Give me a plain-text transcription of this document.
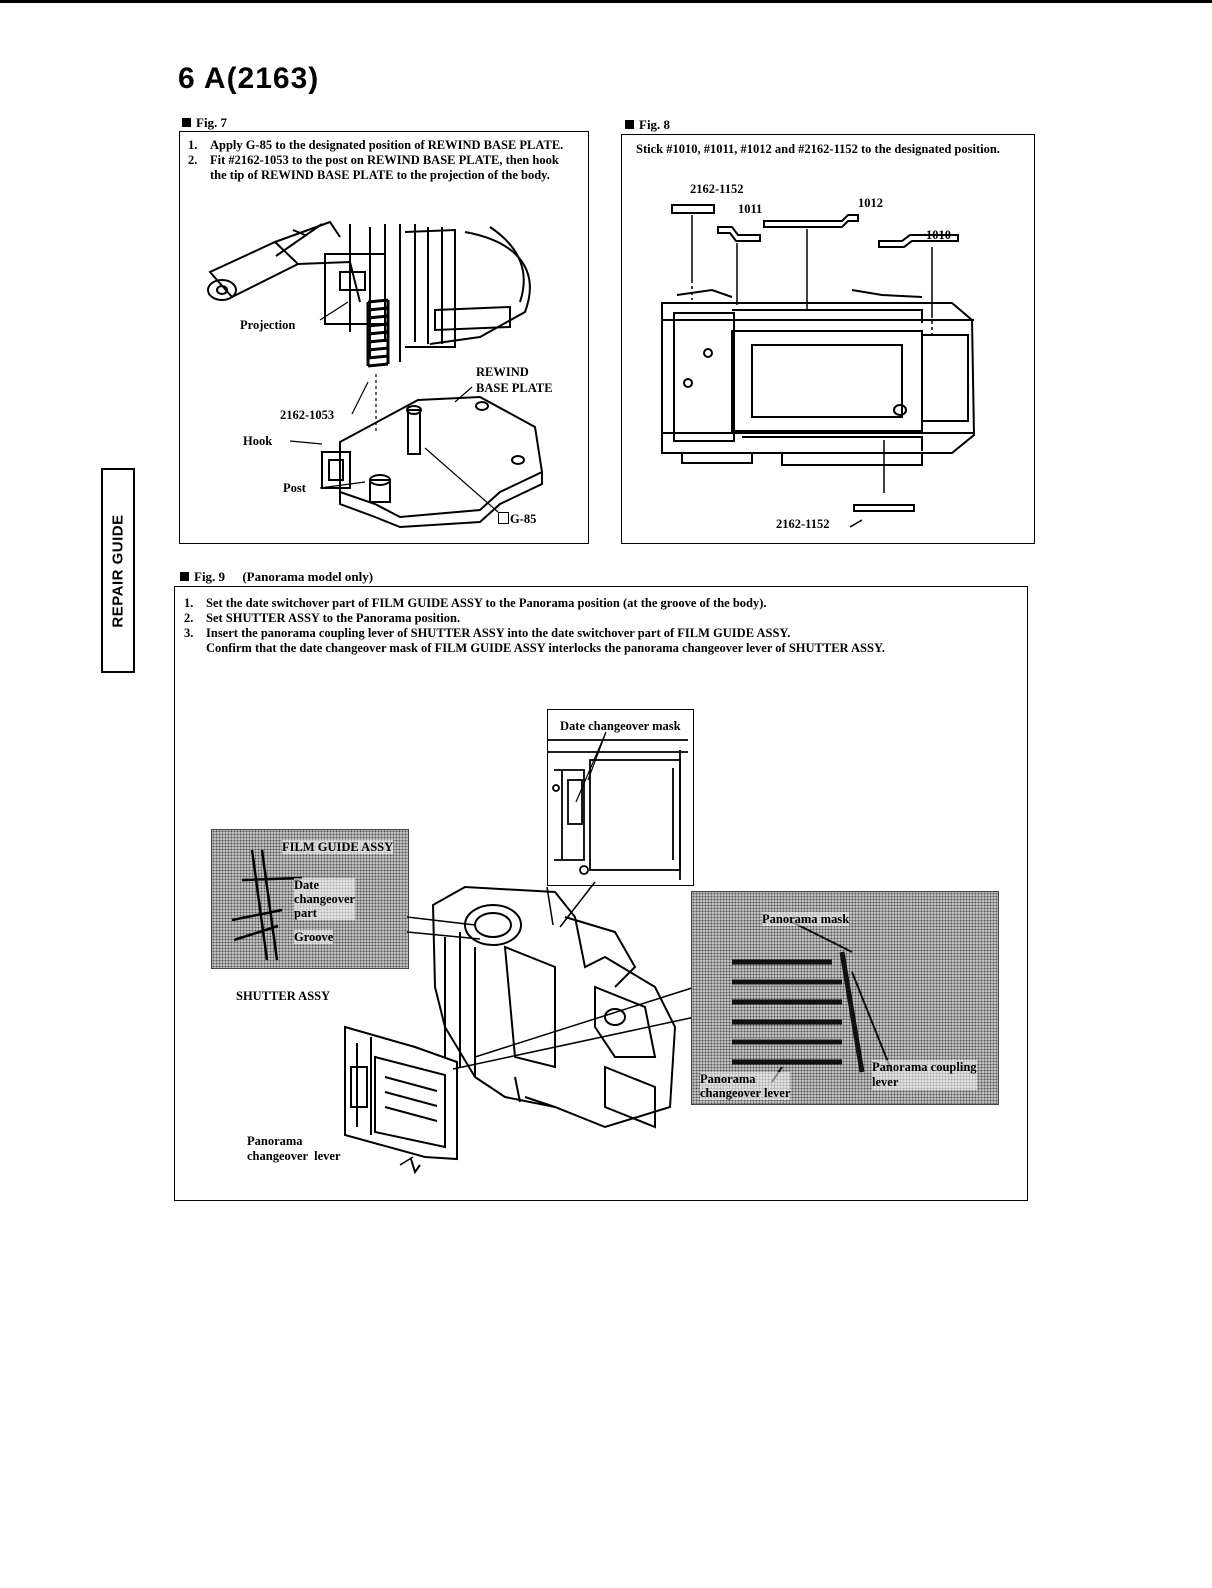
6 A(2163)
REPAIR GUIDE
Fig. 7
1. Apply G-85 to the designated position of REWIND BASE PLATE.
2. Fit #2162-1053 to the post on REWIND BASE PLATE, then hook the tip of REWIND BASE PLATE to the projection of the body.
Projection
REWIND
BASE PLATE
2162-1053
Hook
Post
G-85
Fig. 8
Stick #1010, #1011, #1012 and #2162-1152 to the designated position.
2162-1152
1011	1012
1010
2162-1152
Fig. 9 (Panorama model only)
1. Set the date switchover part of FILM GUIDE ASSY to the Panorama position (at the groove of the body).
2. Set SHUTTER ASSY to the Panorama position.
3. Insert the panorama coupling lever of SHUTTER ASSY into the date switchover part of FILM GUIDE ASSY.
Confirm that the date changeover mask of FILM GUIDE ASSY interlocks the panorama changeover lever of SHUTTER ASSY.
Date changeover mask
FILM GUIDE ASSY
Date
changeover
part
Groove
SHUTTER ASSY
Panorama
changeover  lever
Panorama mask
Panorama coupling
lever
Panorama
changeover lever
